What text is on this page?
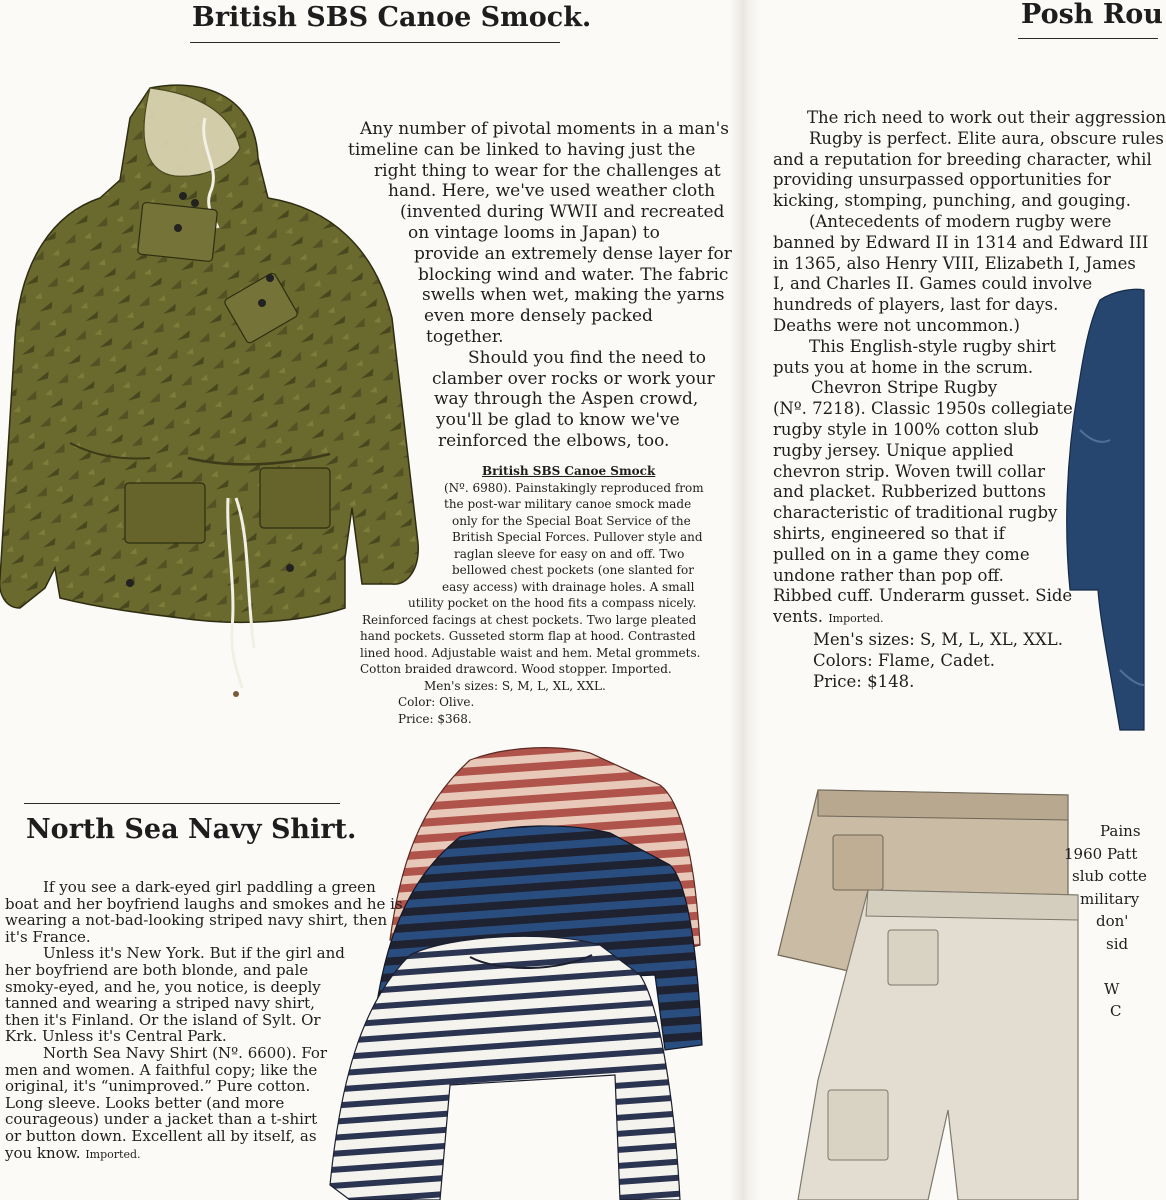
British SBS Canoe Smock.

Any number of pivotal moments in a man's
timeline can be linked to having just the
right thing to wear for the challenges at
hand. Here, we've used weather cloth
(invented during WWII and recreated
on vintage looms in Japan) to
provide an extremely dense layer for
blocking wind and water. The fabric
swells when wet, making the yarns
even more densely packed
together.
Should you find the need to
clamber over rocks or work your
way through the Aspen crowd,
you'll be glad to know we've
reinforced the elbows, too.

British SBS Canoe Smock
(Nº. 6980). Painstakingly reproduced from
the post-war military canoe smock made
only for the Special Boat Service of the
British Special Forces. Pullover style and
raglan sleeve for easy on and off. Two
bellowed chest pockets (one slanted for
easy access) with drainage holes. A small
utility pocket on the hood fits a compass nicely.
Reinforced facings at chest pockets. Two large pleated
hand pockets. Gusseted storm flap at hood. Contrasted
lined hood. Adjustable waist and hem. Metal grommets.
Cotton braided drawcord. Wood stopper. Imported.
Men's sizes: S, M, L, XL, XXL.
Color: Olive.
Price: $368.

North Sea Navy Shirt.

If you see a dark-eyed girl paddling a green
boat and her boyfriend laughs and smokes and he is
wearing a not-bad-looking striped navy shirt, then
it's France.
Unless it's New York. But if the girl and
her boyfriend are both blonde, and pale
smoky-eyed, and he, you notice, is deeply
tanned and wearing a striped navy shirt,
then it's Finland. Or the island of Sylt. Or
Krk. Unless it's Central Park.
North Sea Navy Shirt (Nº. 6600). For
men and women. A faithful copy; like the
original, it's “unimproved.” Pure cotton.
Long sleeve. Looks better (and more
courageous) under a jacket than a t-shirt
or button down. Excellent all by itself, as
you know. Imported.

Posh Rou

The rich need to work out their aggression
Rugby is perfect. Elite aura, obscure rules
and a reputation for breeding character, whil
providing unsurpassed opportunities for
kicking, stomping, punching, and gouging.
(Antecedents of modern rugby were
banned by Edward II in 1314 and Edward III
in 1365, also Henry VIII, Elizabeth I, James
I, and Charles II. Games could involve
hundreds of players, last for days.
Deaths were not uncommon.)
This English-style rugby shirt
puts you at home in the scrum.
Chevron Stripe Rugby
(Nº. 7218). Classic 1950s collegiate
rugby style in 100% cotton slub
rugby jersey. Unique applied
chevron strip. Woven twill collar
and placket. Rubberized buttons
characteristic of traditional rugby
shirts, engineered so that if
pulled on in a game they come
undone rather than pop off.
Ribbed cuff. Underarm gusset. Side
vents. Imported.
Men's sizes: S, M, L, XL, XXL.
Colors: Flame, Cadet.
Price: $148.

Pains
1960 Patt
slub cotte
military
don'
sid

W
C
